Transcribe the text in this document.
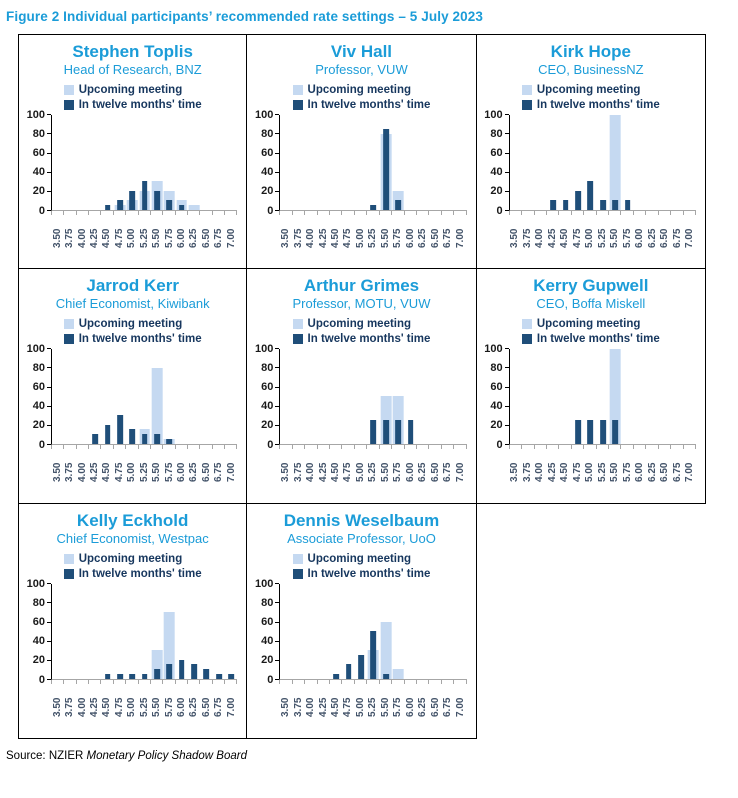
Figure 2 Individual participants’ recommended rate settings – 5 July 2023
Stephen Toplis
Head of Research, BNZ
Upcoming meeting
In twelve months' time
100
80
60
40
20
0
3.50 3.75 4.00 4.25 4.50 4.75 5.00 5.25 5.50 5.75 6.00 6.25 6.50 6.75 7.00
Viv Hall
Professor, VUW
Upcoming meeting
In twelve months' time
100
80
60
40
20
0
3.50 3.75 4.00 4.25 4.50 4.75 5.00 5.25 5.50 5.75 6.00 6.25 6.50 6.75 7.00
Kirk Hope
CEO, BusinessNZ
Upcoming meeting
In twelve months' time
100
80
60
40
20
0
3.50 3.75 4.00 4.25 4.50 4.75 5.00 5.25 5.50 5.75 6.00 6.25 6.50 6.75 7.00
Jarrod Kerr
Chief Economist, Kiwibank
Upcoming meeting
In twelve months' time
100
80
60
40
20
0
3.50 3.75 4.00 4.25 4.50 4.75 5.00 5.25 5.50 5.75 6.00 6.25 6.50 6.75 7.00
Arthur Grimes
Professor, MOTU, VUW
Upcoming meeting
In twelve months' time
100
80
60
40
20
0
3.50 3.75 4.00 4.25 4.50 4.75 5.00 5.25 5.50 5.75 6.00 6.25 6.50 6.75 7.00
Kerry Gupwell
CEO, Boffa Miskell
Upcoming meeting
In twelve months' time
100
80
60
40
20
0
3.50 3.75 4.00 4.25 4.50 4.75 5.00 5.25 5.50 5.75 6.00 6.25 6.50 6.75 7.00
Kelly Eckhold
Chief Economist, Westpac
Upcoming meeting
In twelve months' time
100
80
60
40
20
0
3.50 3.75 4.00 4.25 4.50 4.75 5.00 5.25 5.50 5.75 6.00 6.25 6.50 6.75 7.00
Dennis Weselbaum
Associate Professor, UoO
Upcoming meeting
In twelve months' time
100
80
60
40
20
0
3.50 3.75 4.00 4.25 4.50 4.75 5.00 5.25 5.50 5.75 6.00 6.25 6.50 6.75 7.00
Source: NZIER Monetary Policy Shadow Board
